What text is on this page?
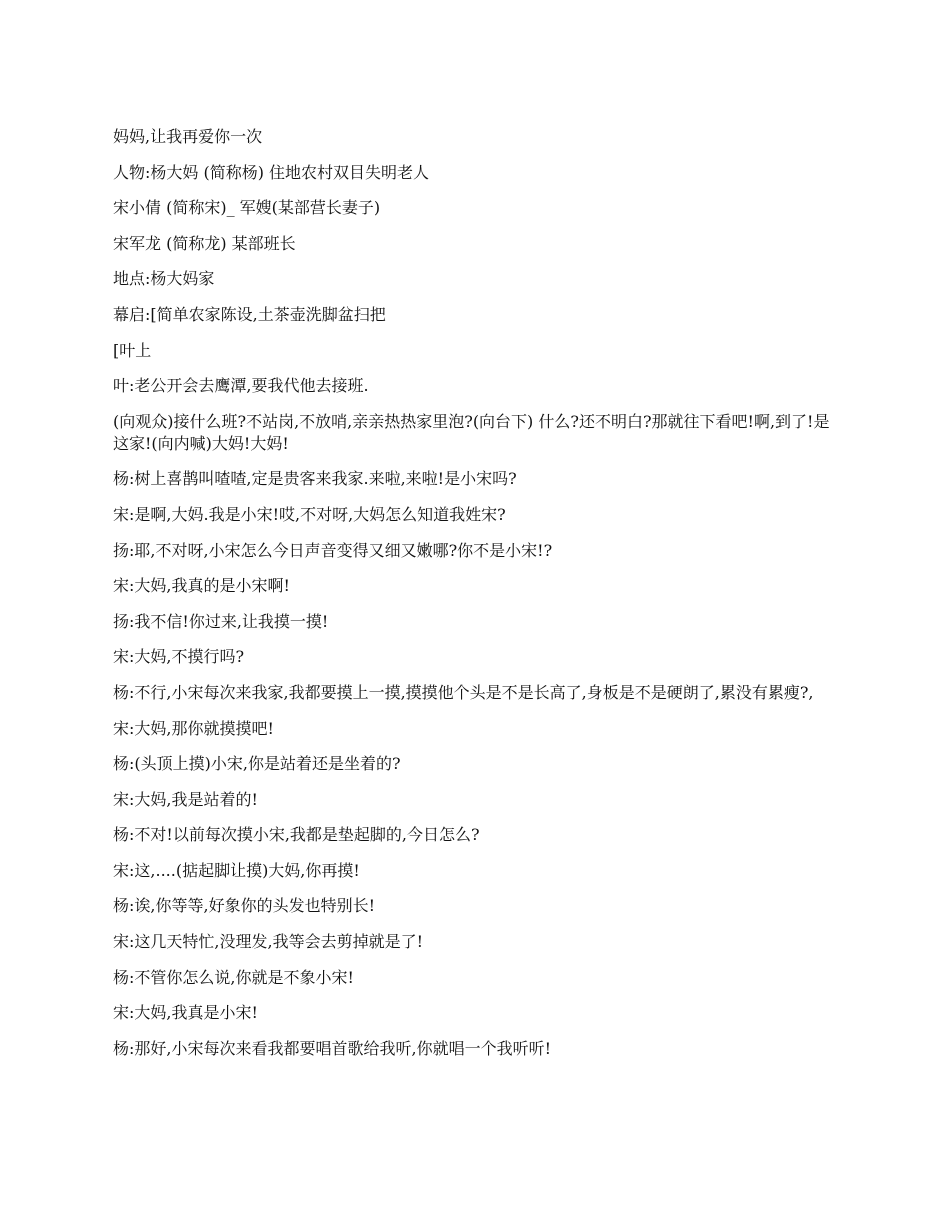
妈妈,让我再爱你一次

人物:杨大妈 (简称杨) 住地农村双目失明老人

宋小倩 (简称宋)_ 军嫂(某部营长妻子)

宋军龙 (简称龙) 某部班长

地点:杨大妈家

幕启:[简单农家陈设,土茶壶洗脚盆扫把

[叶上

叶:老公开会去鹰潭,要我代他去接班.

(向观众)接什么班?不站岗,不放哨,亲亲热热家里泡?(向台下) 什么?还不明白?那就往下看吧!啊,到了!是这家!(向内喊)大妈!大妈!

杨:树上喜鹊叫喳喳,定是贵客来我家.来啦,来啦!是小宋吗?

宋:是啊,大妈.我是小宋!哎,不对呀,大妈怎么知道我姓宋?

扬:耶,不对呀,小宋怎么今日声音变得又细又嫩哪?你不是小宋!?

宋:大妈,我真的是小宋啊!

扬:我不信!你过来,让我摸一摸!

宋:大妈,不摸行吗?

杨:不行,小宋每次来我家,我都要摸上一摸,摸摸他个头是不是长高了,身板是不是硬朗了,累没有累瘦?,

宋:大妈,那你就摸摸吧!

杨:(头顶上摸)小宋,你是站着还是坐着的?

宋:大妈,我是站着的!

杨:不对!以前每次摸小宋,我都是垫起脚的,今日怎么?

宋:这,....(掂起脚让摸)大妈,你再摸!

杨:诶,你等等,好象你的头发也特别长!

宋:这几天特忙,没理发,我等会去剪掉就是了!

杨:不管你怎么说,你就是不象小宋!

宋:大妈,我真是小宋!

杨:那好,小宋每次来看我都要唱首歌给我听,你就唱一个我听听!
